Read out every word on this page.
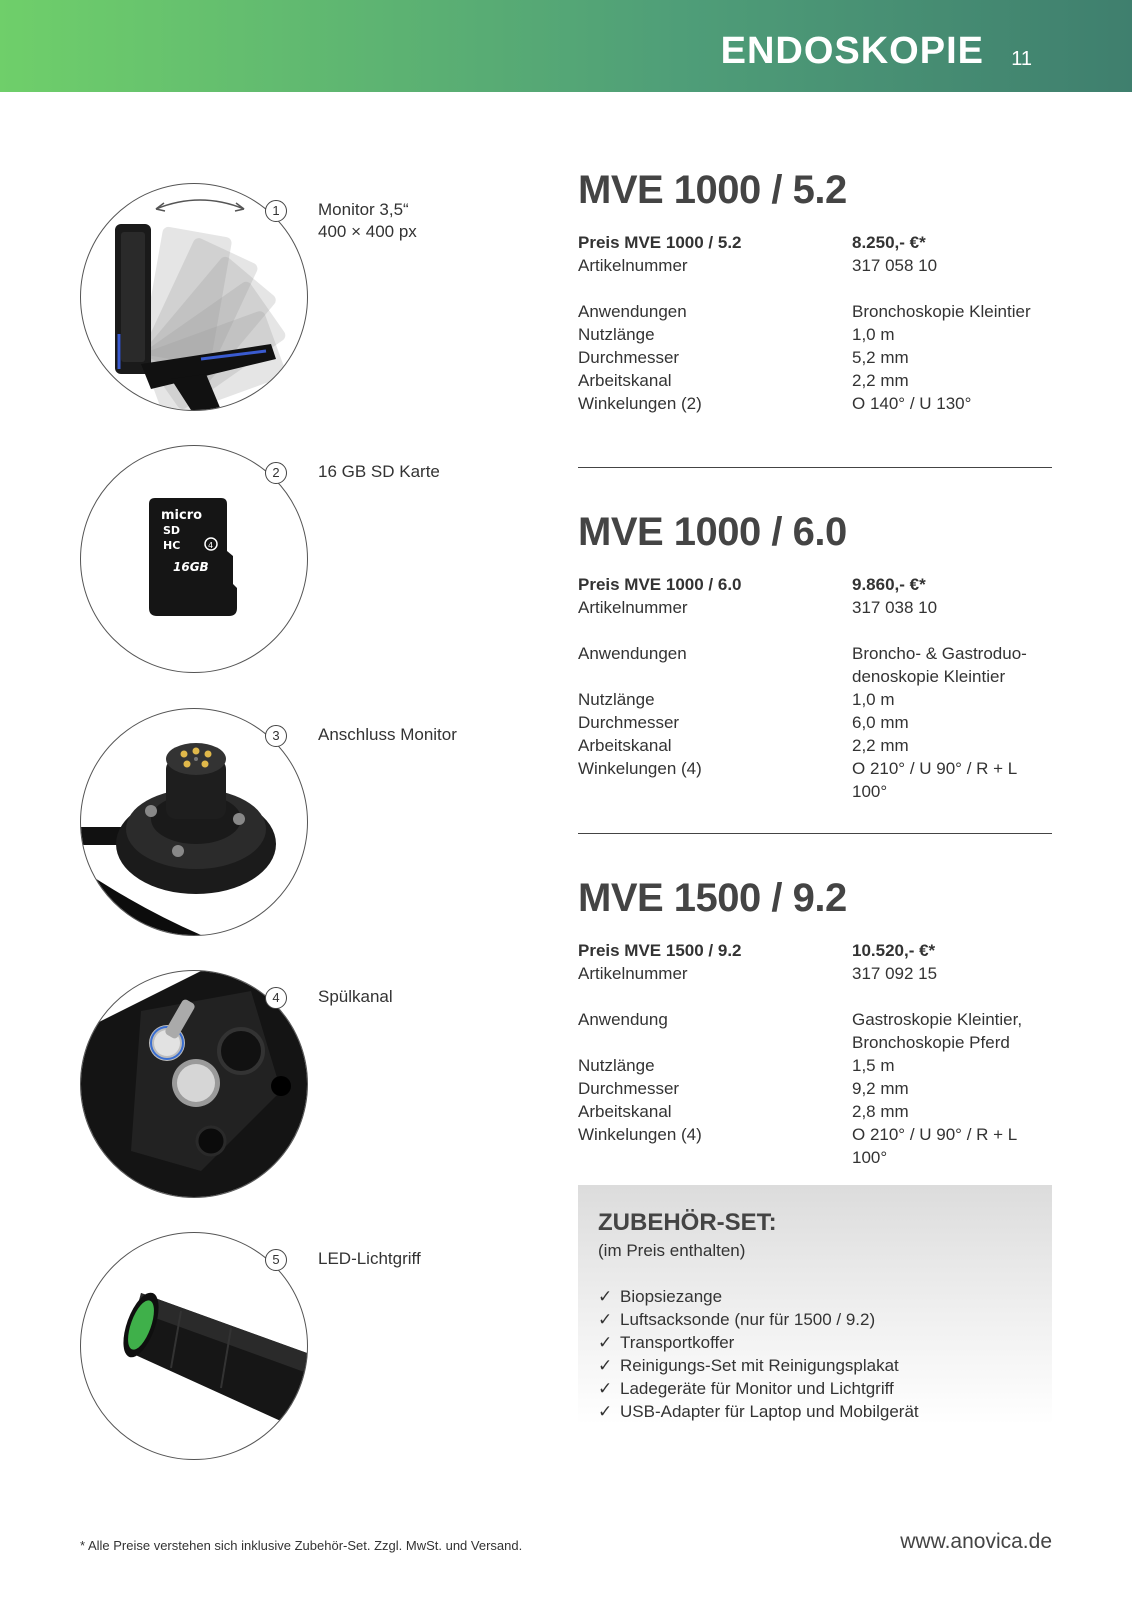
ENDOSKOPIE 11
1	Monitor 3,5“
400 × 400 px
micro
SD
HC	4
16GB
2	16 GB SD Karte
3	Anschluss Monitor
4	Spülkanal
5	LED-Lichtgriff
MVE 1000 / 5.2
Preis MVE 1000 / 5.2	8.250,- €*
Artikelnummer	317 058 10
Anwendungen	Bronchoskopie Kleintier
Nutzlänge	1,0 m
Durchmesser	5,2 mm
Arbeitskanal	2,2 mm
Winkelungen (2)	O 140° / U 130°
MVE 1000 / 6.0
Preis MVE 1000 / 6.0	9.860,- €*
Artikelnummer	317 038 10
Anwendungen	Broncho- & Gastroduo-
denoskopie Kleintier
Nutzlänge	1,0 m
Durchmesser	6,0 mm
Arbeitskanal	2,2 mm
Winkelungen (4)	O 210° / U 90° / R + L 100°
MVE 1500 / 9.2
Preis MVE 1500 / 9.2	10.520,- €*
Artikelnummer	317 092 15
Anwendung	Gastroskopie Kleintier,
Bronchoskopie Pferd
Nutzlänge	1,5 m
Durchmesser	9,2 mm
Arbeitskanal	2,8 mm
Winkelungen (4)	O 210° / U 90° / R + L 100°
ZUBEHÖR-SET:
(im Preis enthalten)
✓ Biopsiezange
✓ Luftsacksonde (nur für 1500 / 9.2)
✓ Transportkoffer
✓ Reinigungs-Set mit Reinigungsplakat
✓ Ladegeräte für Monitor und Lichtgriff
✓ USB-Adapter für Laptop und Mobilgerät
* Alle Preise verstehen sich inklusive Zubehör-Set. Zzgl. MwSt. und Versand.	www.anovica.de
